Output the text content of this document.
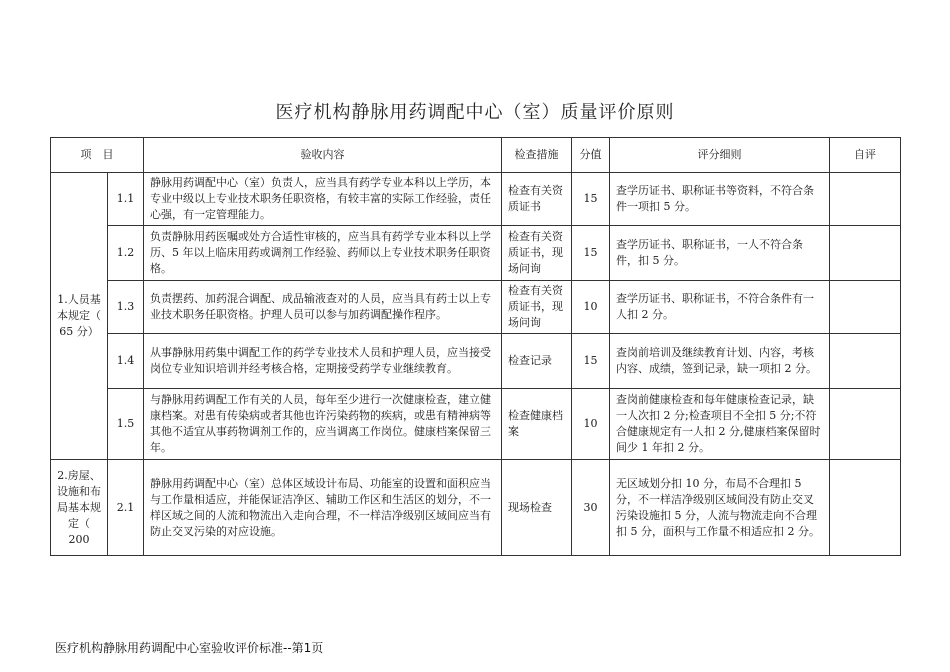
医疗机构静脉用药调配中心（室）质量评价原则
项　目		验收内容	检查措施	分值	评分细则	自评
1.人员基本规定（ 65 分）	1.1	静脉用药调配中心（室）负责人，应当具有药学专业本科以上学历，本专业中级以上专业技术职务任职资格，有较丰富的实际工作经验，责任心强，有一定管理能力。	检查有关资质证书	15	查学历证书、职称证书等资料，不符合条件一项扣 5 分。	
	1.2	负责静脉用药医嘱或处方合适性审核的，应当具有药学专业本科以上学历、5 年以上临床用药或调剂工作经验、药师以上专业技术职务任职资格。	检查有关资质证书，现场问询	15	查学历证书、职称证书，一人不符合条件，扣 5 分。	
	1.3	负责摆药、加药混合调配、成品输液查对的人员，应当具有药士以上专业技术职务任职资格。护理人员可以参与加药调配操作程序。	检查有关资质证书，现场问询	10	查学历证书、职称证书，不符合条件有一人扣 2 分。	
	1.4	从事静脉用药集中调配工作的药学专业技术人员和护理人员，应当接受岗位专业知识培训并经考核合格，定期接受药学专业继续教育。	检查记录	15	查岗前培训及继续教育计划、内容，考核内容、成绩，签到记录，缺一项扣 2 分。	
	1.5	与静脉用药调配工作有关的人员，每年至少进行一次健康检查，建立健康档案。对患有传染病或者其他也许污染药物的疾病，或患有精神病等其他不适宜从事药物调剂工作的，应当调离工作岗位。健康档案保留三年。	检查健康档案	10	查岗前健康检查和每年健康检查记录，缺一人次扣 2 分;检查项目不全扣 5 分;不符合健康规定有一人扣 2 分,健康档案保留时间少 1 年扣 2 分。	
2.房屋、设施和布局基本规定（ 200	2.1	静脉用药调配中心（室）总体区域设计布局、功能室的设置和面积应当与工作量相适应，并能保证洁净区、辅助工作区和生活区的划分，不一样区域之间的人流和物流出入走向合理，不一样洁净级别区域间应当有防止交叉污染的对应设施。	现场检查	30	无区域划分扣 10 分，布局不合理扣 5 分，不一样洁净级别区域间没有防止交叉污染设施扣 5 分，人流与物流走向不合理扣 5 分，面积与工作量不相适应扣 2 分。	
医疗机构静脉用药调配中心室验收评价标准--第1页
